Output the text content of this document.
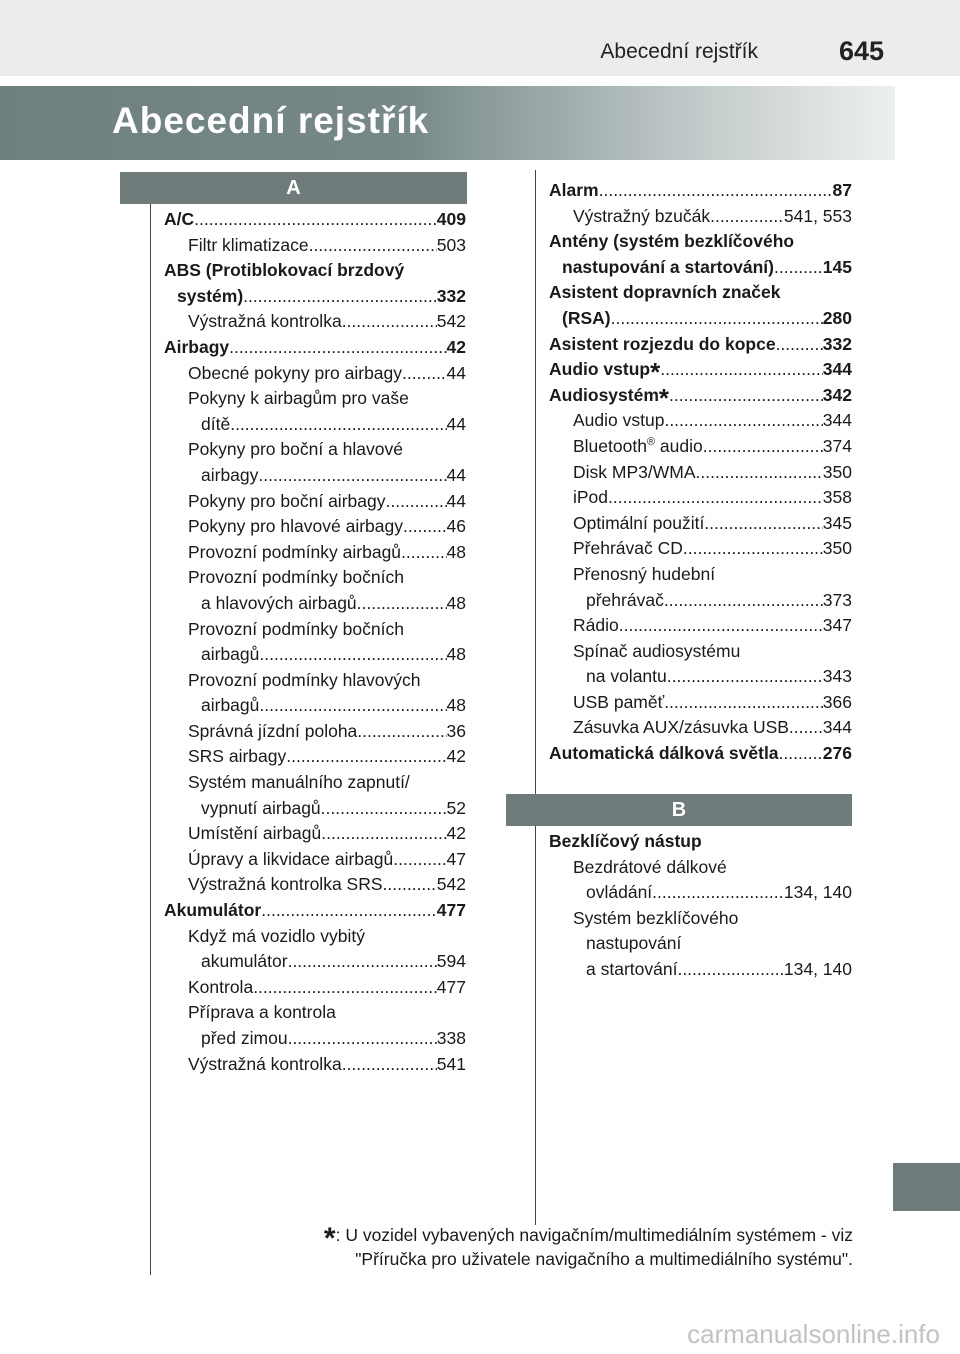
Abecední rejstřík	645
Abecední rejstřík
A
B
A/C .....	409
Filtr klimatizace .....	503
ABS (Protiblokovací brzdový
systém) .....	332
Výstražná kontrolka .....	542
Airbagy .....	42
Obecné pokyny pro airbagy .....	44
Pokyny k airbagům pro vaše
dítě .....	44
Pokyny pro boční a hlavové
airbagy .....	44
Pokyny pro boční airbagy .....	44
Pokyny pro hlavové airbagy ..... 46
Provozní podmínky airbagů .....	48
Provozní podmínky bočních
a hlavových airbagů .....	48
Provozní podmínky bočních
airbagů .....	48
Provozní podmínky hlavových
airbagů .....	48
Správná jízdní poloha .....	36
SRS airbagy .....	42
Systém manuálního zapnutí/
vypnutí airbagů .....	52
Umístění airbagů .....	42
Úpravy a likvidace airbagů .....	47
Výstražná kontrolka SRS .....	542
Akumulátor .....	477
Když má vozidlo vybitý
akumulátor .....	594
Kontrola .....	477
Příprava a kontrola
před zimou .....	338
Výstražná kontrolka .....	541
Alarm .....	87
Výstražný bzučák .....	541, 553
Antény (systém bezklíčového
nastupování a startování) .....	145
Asistent dopravních značek
(RSA) .....	280
Asistent rozjezdu do kopce .....	332
Audio vstup* .....	344
Audiosystém* .....	342
Audio vstup .....	344
Bluetooth® audio .....	374
Disk MP3/WMA .....	350
iPod .....	358
Optimální použití .....	345
Přehrávač CD .....	350
Přenosný hudební
přehrávač .....	373
Rádio .....	347
Spínač audiosystému
na volantu .....	343
USB paměť .....	366
Zásuvka AUX/zásuvka USB ..... 344
Automatická dálková světla .....	276
Bezklíčový nástup
Bezdrátové dálkové
ovládání .....	134, 140
Systém bezklíčového
nastupování
a startování .....	134, 140
*: U vozidel vybavených navigačním/multimediálním systémem - viz
"Příručka pro uživatele navigačního a multimediálního systému".
carmanualsonline.info
